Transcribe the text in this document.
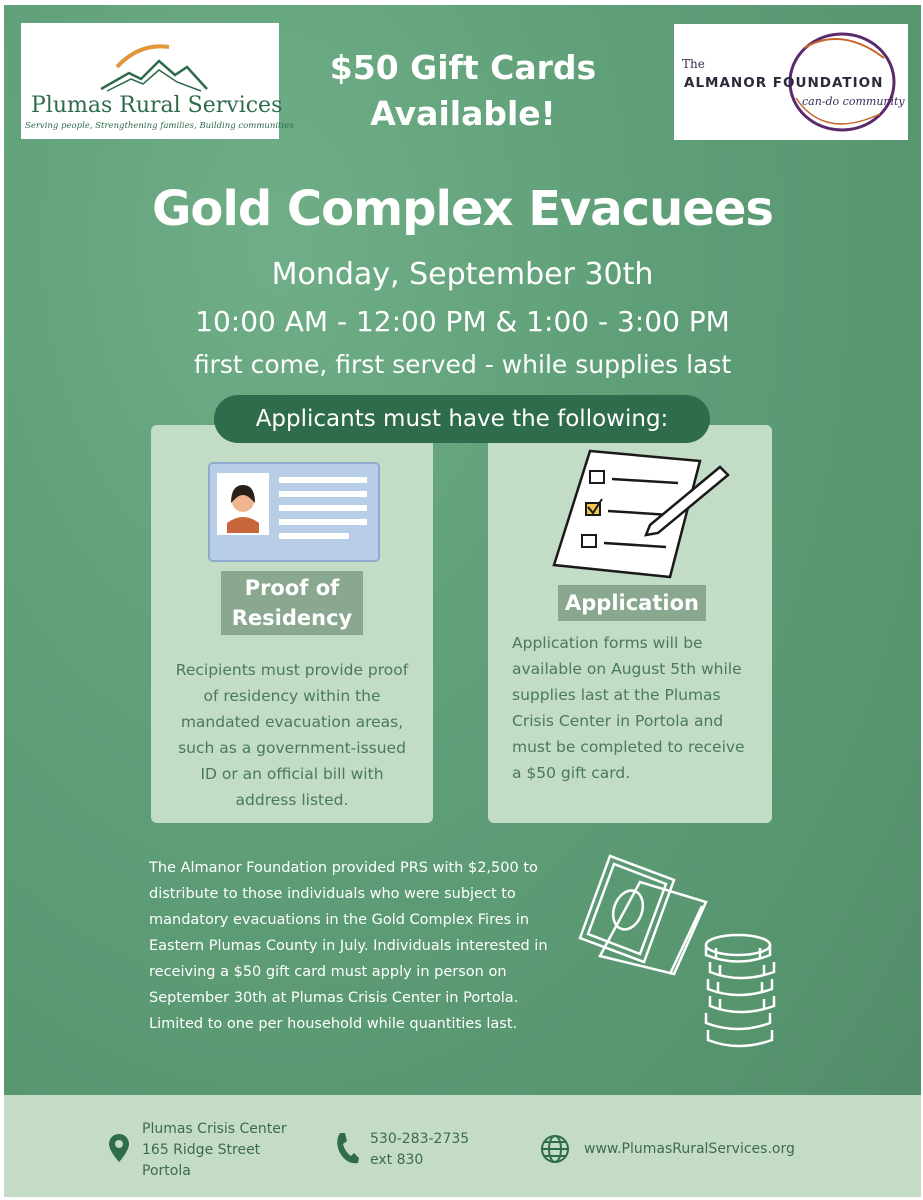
Plumas Rural Services
Serving people, Strengthening families, Building communities
$50 Gift Cards
Available!
The
ALMANOR FOUNDATION
can-do community
Gold Complex Evacuees
Monday, September 30th
10:00 AM - 12:00 PM & 1:00 - 3:00 PM
first come, first served - while supplies last
Applicants must have the following:
Proof of
Residency
Recipients must provide proof of residency within the mandated evacuation areas, such as a government-issued ID or an official bill with address listed.
Application
Application forms will be available on August 5th while supplies last at the Plumas Crisis Center in Portola and must be completed to receive a $50 gift card.
The Almanor Foundation provided PRS with $2,500 to distribute to those individuals who were subject to mandatory evacuations in the Gold Complex Fires in Eastern Plumas County in July. Individuals interested in receiving a $50 gift card must apply in person on September 30th at Plumas Crisis Center in Portola. Limited to one per household while quantities last.
Plumas Crisis Center
165 Ridge Street
Portola
530-283-2735
ext 830
www.PlumasRuralServices.org
